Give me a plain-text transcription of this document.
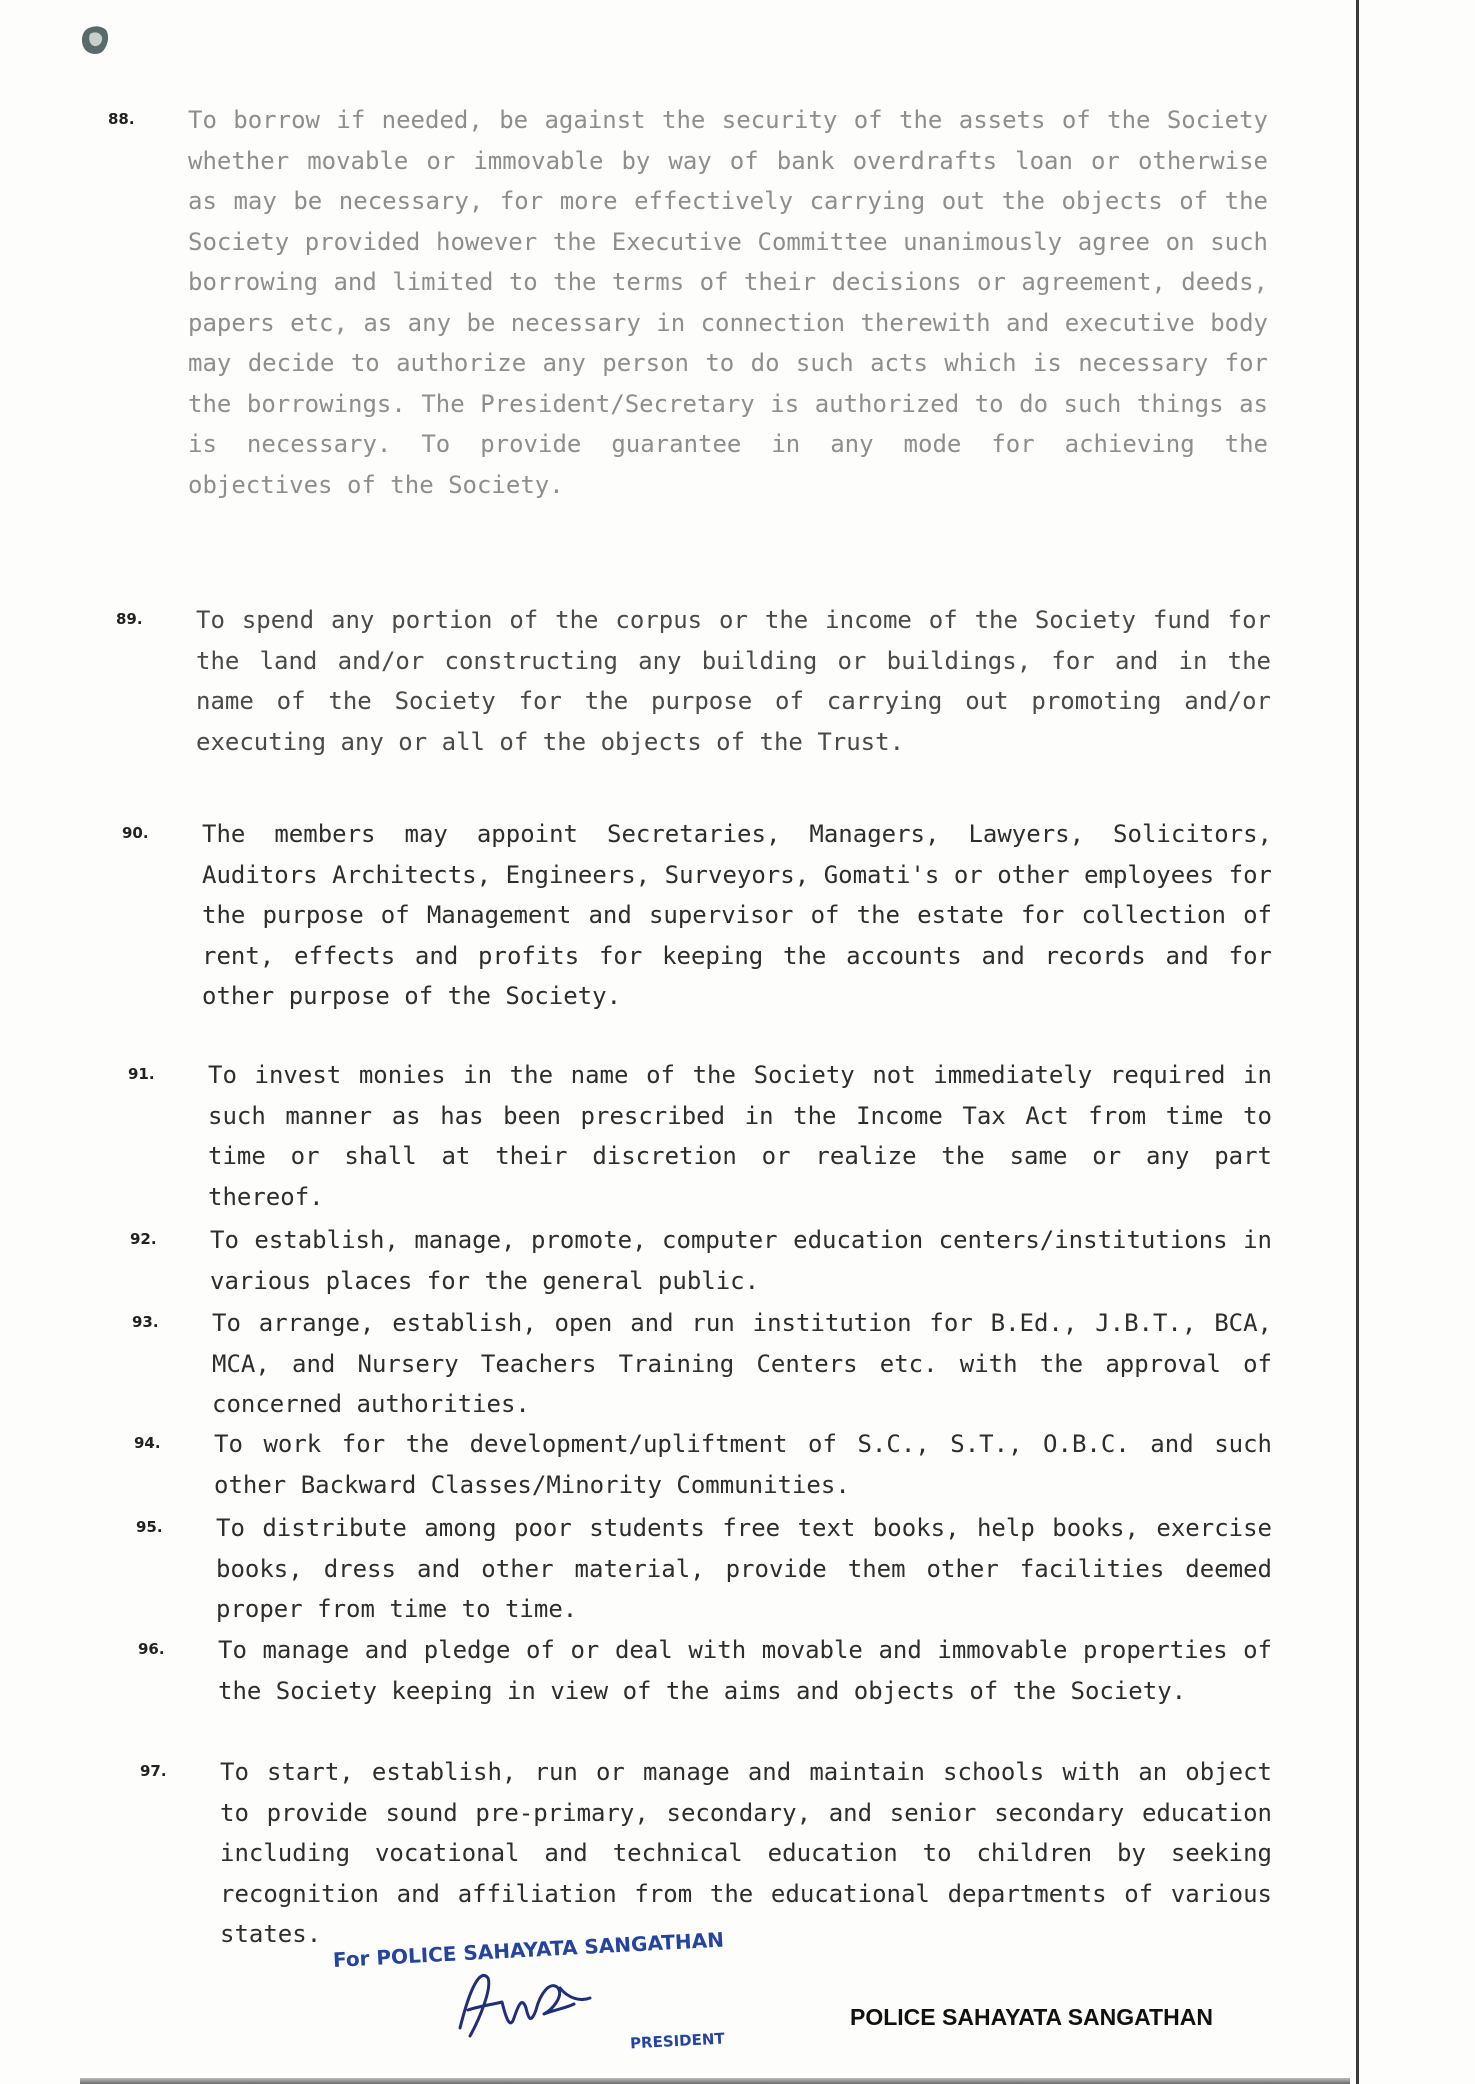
88.	To borrow if needed, be against the security of the assets of the Society whether movable or immovable by way of bank overdrafts loan or otherwise as may be necessary, for more effectively carrying out the objects of the Society provided however the Executive Committee unanimously agree on such borrowing and limited to the terms of their decisions or agreement, deeds, papers etc, as any be necessary in connection therewith and executive body may decide to authorize any person to do such acts which is necessary for the borrowings. The President/Secretary is authorized to do such things as is necessary. To provide guarantee in any mode for achieving the objectives of the Society.
89.	To spend any portion of the corpus or the income of the Society fund for the land and/or constructing any building or buildings, for and in the name of the Society for the purpose of carrying out promoting and/or executing any or all of the objects of the Trust.
90.	The members may appoint Secretaries, Managers, Lawyers, Solicitors, Auditors Architects, Engineers, Surveyors, Gomati's or other employees for the purpose of Management and supervisor of the estate for collection of rent, effects and profits for keeping the accounts and records and for other purpose of the Society.
91.	To invest monies in the name of the Society not immediately required in such manner as has been prescribed in the Income Tax Act from time to time or shall at their discretion or realize the same or any part thereof.
92.	To establish, manage, promote, computer education centers/institutions in various places for the general public.
93.	To arrange, establish, open and run institution for B.Ed., J.B.T., BCA, MCA, and Nursery Teachers Training Centers etc. with the approval of concerned authorities.
94.	To work for the development/upliftment of S.C., S.T., O.B.C. and such other Backward Classes/Minority Communities.
95.	To distribute among poor students free text books, help books, exercise books, dress and other material, provide them other facilities deemed proper from time to time.
96.	To manage and pledge of or deal with movable and immovable properties of the Society keeping in view of the aims and objects of the Society.
97.	To start, establish, run or manage and maintain schools with an object to provide sound pre-primary, secondary, and senior secondary education including vocational and technical education to children by seeking recognition and affiliation from the educational departments of various states. For POLICE SAHAYATA SANGATHAN
PRESIDENT
POLICE SAHAYATA SANGATHAN
